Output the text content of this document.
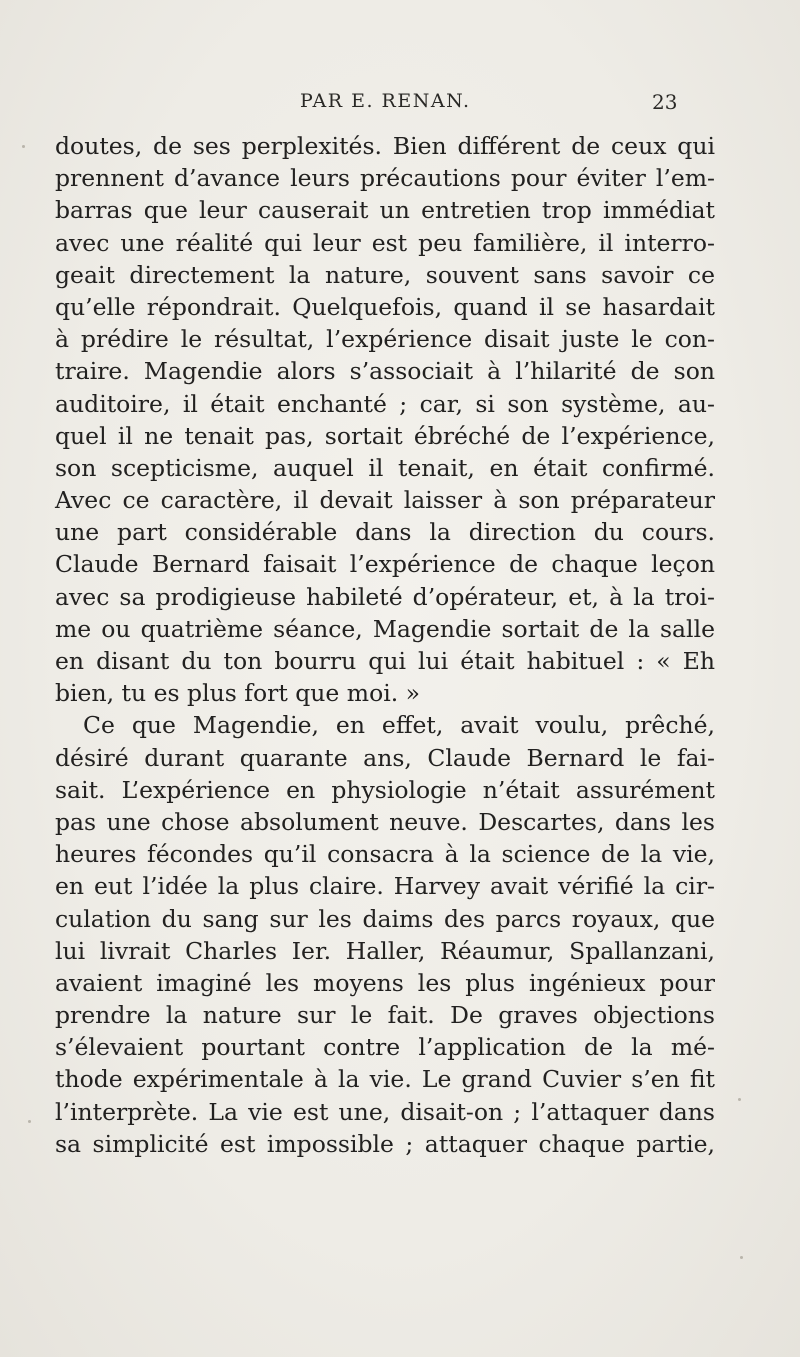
PAR E. RENAN.	23
doutes, de ses perplexités. Bien différent de ceux qui
prennent d’avance leurs précautions pour éviter l’em-
barras que leur causerait un entretien trop immédiat
avec une réalité qui leur est peu familière, il interro-
geait directement la nature, souvent sans savoir ce
qu’elle répondrait. Quelquefois, quand il se hasardait
à prédire le résultat, l’expérience disait juste le con-
traire. Magendie alors s’associait à l’hilarité de son
auditoire, il était enchanté ; car, si son système, au-
quel il ne tenait pas, sortait ébréché de l’expérience,
son scepticisme, auquel il tenait, en était confirmé.
Avec ce caractère, il devait laisser à son préparateur
une part considérable dans la direction du cours.
Claude Bernard faisait l’expérience de chaque leçon
avec sa prodigieuse habileté d’opérateur, et, à la troi-
me ou quatrième séance, Magendie sortait de la salle
en disant du ton bourru qui lui était habituel : « Eh
bien, tu es plus fort que moi. »
Ce que Magendie, en effet, avait voulu, prêché,
désiré durant quarante ans, Claude Bernard le fai-
sait. L’expérience en physiologie n’était assurément
pas une chose absolument neuve. Descartes, dans les
heures fécondes qu’il consacra à la science de la vie,
en eut l’idée la plus claire. Harvey avait vérifié la cir-
culation du sang sur les daims des parcs royaux, que
lui livrait Charles Ier. Haller, Réaumur, Spallanzani,
avaient imaginé les moyens les plus ingénieux pour
prendre la nature sur le fait. De graves objections
s’élevaient pourtant contre l’application de la mé-
thode expérimentale à la vie. Le grand Cuvier s’en fit
l’interprète. La vie est une, disait-on ; l’attaquer dans
sa simplicité est impossible ; attaquer chaque partie,
